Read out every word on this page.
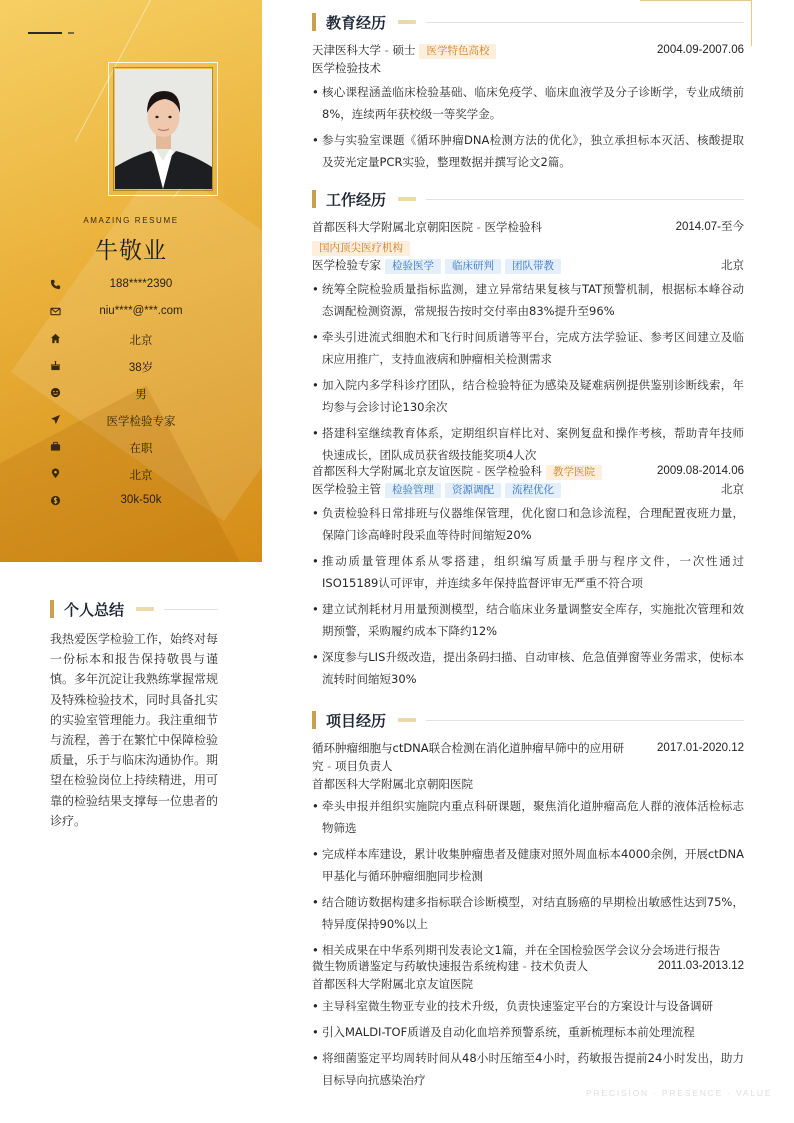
AMAZING RESUME
牛敬业
188****2390
niu****@***.com
北京
38岁
男
医学检验专家
在职
北京
30k-50k
个人总结

我热爱医学检验工作，始终对每一份标本和报告保持敬畏与谨慎。多年沉淀让我熟练掌握常规及特殊检验技术，同时具备扎实的实验室管理能力。我注重细节与流程，善于在繁忙中保障检验质量，乐于与临床沟通协作。期望在检验岗位上持续精进，用可靠的检验结果支撑每一位患者的诊疗。

教育经历
天津医科大学 - 硕士 医学特色高校	2004.09-2007.06
医学检验技术
• 核心课程涵盖临床检验基础、临床免疫学、临床血液学及分子诊断学，专业成绩前8%，连续两年获校级一等奖学金。
• 参与实验室课题《循环肿瘤DNA检测方法的优化》，独立承担标本灭活、核酸提取及荧光定量PCR实验，整理数据并撰写论文2篇。
工作经历
首都医科大学附属北京朝阳医院 - 医学检验科	2014.07-至今
国内顶尖医疗机构
医学检验专家 检验医学 临床研判 团队带教	北京
• 统筹全院检验质量指标监测，建立异常结果复核与TAT预警机制，根据标本峰谷动态调配检测资源，常规报告按时交付率由83%提升至96%
• 牵头引进流式细胞术和飞行时间质谱等平台，完成方法学验证、参考区间建立及临床应用推广，支持血液病和肿瘤相关检测需求
• 加入院内多学科诊疗团队，结合检验特征为感染及疑难病例提供鉴别诊断线索，年均参与会诊讨论130余次
• 搭建科室继续教育体系，定期组织盲样比对、案例复盘和操作考核，帮助青年技师快速成长，团队成员获省级技能奖项4人次
首都医科大学附属北京友谊医院 - 医学检验科 教学医院	2009.08-2014.06
医学检验主管 检验管理 资源调配 流程优化	北京
• 负责检验科日常排班与仪器维保管理，优化窗口和急诊流程，合理配置夜班力量，保障门诊高峰时段采血等待时间缩短20%
• 推动质量管理体系从零搭建，组织编写质量手册与程序文件，一次性通过ISO15189认可评审，并连续多年保持监督评审无严重不符合项
• 建立试剂耗材月用量预测模型，结合临床业务量调整安全库存，实施批次管理和效期预警，采购履约成本下降约12%
• 深度参与LIS升级改造，提出条码扫描、自动审核、危急值弹窗等业务需求，使标本流转时间缩短30%
项目经历
循环肿瘤细胞与ctDNA联合检测在消化道肿瘤早筛中的应用研究 - 项目负责人
2017.01-2020.12
首都医科大学附属北京朝阳医院
• 牵头申报并组织实施院内重点科研课题，聚焦消化道肿瘤高危人群的液体活检标志物筛选
• 完成样本库建设，累计收集肿瘤患者及健康对照外周血标本4000余例，开展ctDNA甲基化与循环肿瘤细胞同步检测
• 结合随访数据构建多指标联合诊断模型，对结直肠癌的早期检出敏感性达到75%，特异度保持90%以上
• 相关成果在中华系列期刊发表论文1篇，并在全国检验医学会议分会场进行报告
微生物质谱鉴定与药敏快速报告系统构建 - 技术负责人	2011.03-2013.12
首都医科大学附属北京友谊医院
• 主导科室微生物亚专业的技术升级，负责快速鉴定平台的方案设计与设备调研
• 引入MALDI-TOF质谱及自动化血培养预警系统，重新梳理标本前处理流程
• 将细菌鉴定平均周转时间从48小时压缩至4小时，药敏报告提前24小时发出，助力目标导向抗感染治疗
PRECISION · PRESENCE · VALUE
